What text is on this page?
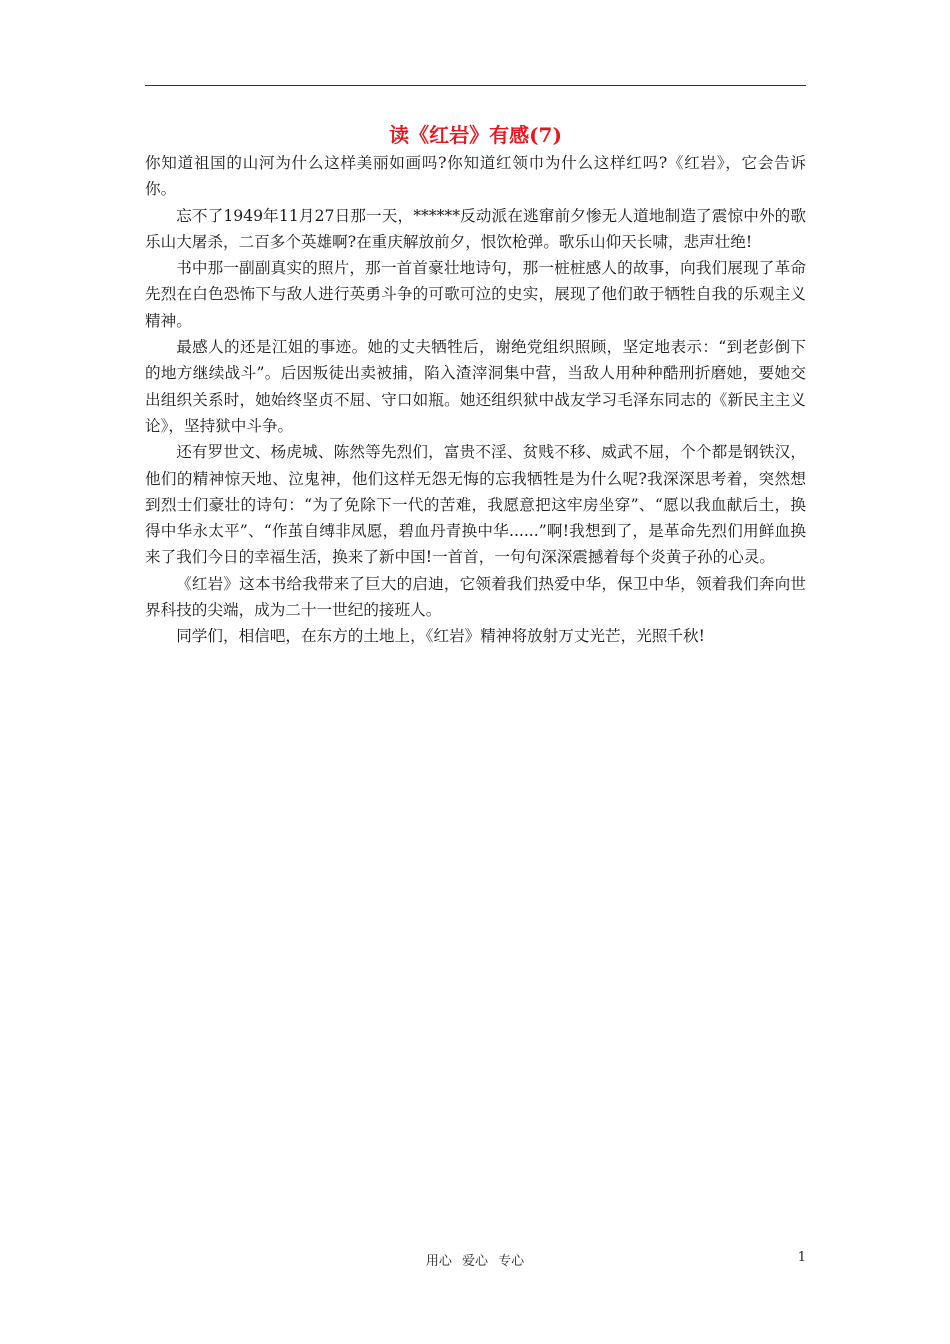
读《红岩》有感(7)

你知道祖国的山河为什么这样美丽如画吗?你知道红领巾为什么这样红吗?《红岩》，它会告诉你。

忘不了1949年11月27日那一天，******反动派在逃窜前夕惨无人道地制造了震惊中外的歌乐山大屠杀，二百多个英雄啊?在重庆解放前夕，恨饮枪弹。歌乐山仰天长啸，悲声壮绝!

书中那一副副真实的照片，那一首首豪壮地诗句，那一桩桩感人的故事，向我们展现了革命先烈在白色恐怖下与敌人进行英勇斗争的可歌可泣的史实，展现了他们敢于牺牲自我的乐观主义精神。

最感人的还是江姐的事迹。她的丈夫牺牲后，谢绝党组织照顾，坚定地表示：“到老彭倒下的地方继续战斗”。后因叛徒出卖被捕，陷入渣滓洞集中营，当敌人用种种酷刑折磨她，要她交出组织关系时，她始终坚贞不屈、守口如瓶。她还组织狱中战友学习毛泽东同志的《新民主主义论》，坚持狱中斗争。

还有罗世文、杨虎城、陈然等先烈们，富贵不淫、贫贱不移、威武不屈，个个都是钢铁汉，他们的精神惊天地、泣鬼神，他们这样无怨无悔的忘我牺牲是为什么呢?我深深思考着，突然想到烈士们豪壮的诗句：“为了免除下一代的苦难，我愿意把这牢房坐穿”、“愿以我血献后土，换得中华永太平”、“作茧自缚非凤愿，碧血丹青换中华......”啊!我想到了，是革命先烈们用鲜血换来了我们今日的幸福生活，换来了新中国!一首首，一句句深深震撼着每个炎黄子孙的心灵。

《红岩》这本书给我带来了巨大的启迪，它领着我们热爱中华，保卫中华，领着我们奔向世界科技的尖端，成为二十一世纪的接班人。

同学们，相信吧，在东方的土地上，《红岩》精神将放射万丈光芒，光照千秋!

用心 爱心 专心	1
